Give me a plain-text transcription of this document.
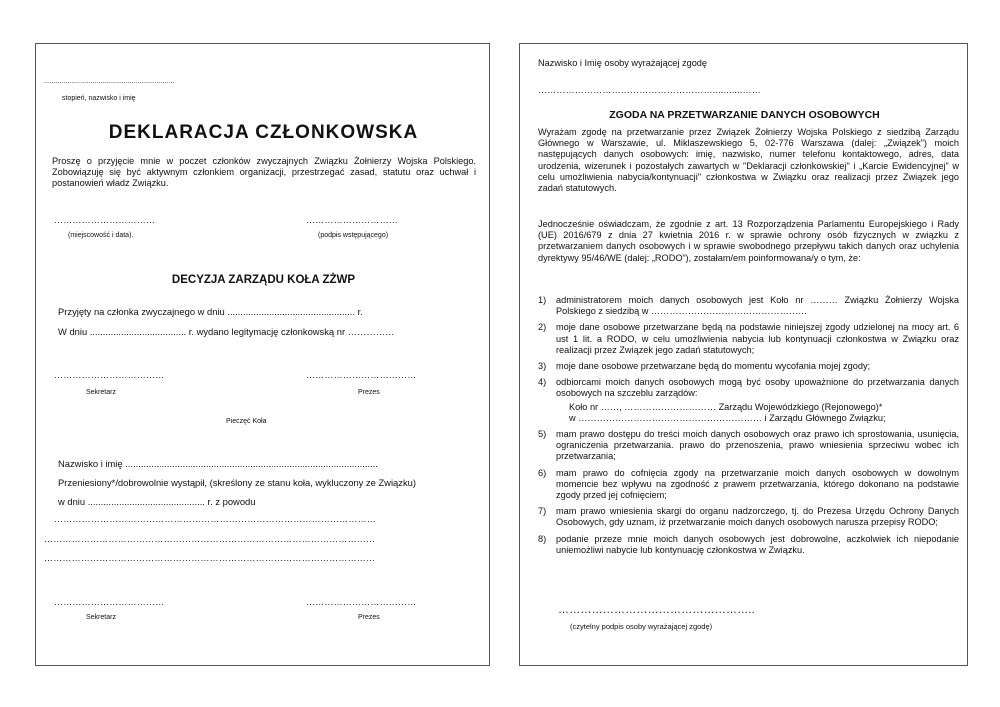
...................................................................
stopień, nazwisko i imię
DEKLARACJA CZŁONKOWSKA
Proszę o przyjęcie mnie w poczet członków zwyczajnych Związku Żołnierzy Wojska Polskiego. Zobowiązuję się być aktywnym członkiem organizacji, przestrzegać zasad, statutu oraz uchwał i postanowień władz Związku.
……………………………
(miejscowość i data).
…………………………
(podpis wstępującego)
DECYZJA ZARZĄDU KOŁA ZŻWP
Przyjęty na członka zwyczajnego w dniu ................................................. r.
W dniu ..................................... r. wydano legitymację członkowską nr ……………
………………………………	………………………………
Sekretarz	Prezes
Pieczęć Koła
Nazwisko i imię .................................................................................................
Przeniesiony*/dobrowolnie wystąpił, (skreślony ze stanu koła, wykluczony ze Związku)
w dniu ............................................. r. z powodu
……………………………………………………………………………………………
………………………………………………………………………………………………
………………………………………………………………………………………………
………………………………	………………………………
Sekretarz	Prezes
Nazwisko i Imię osoby wyrażającej zgodę
…………………………………………………...........……
ZGODA NA PRZETWARZANIE DANYCH OSOBOWYCH
Wyrażam zgodę na przetwarzanie przez Związek Żołnierzy Wojska Polskiego z siedzibą Zarządu Głównego w Warszawie, ul. Miklaszewskiego 5, 02-776 Warszawa (dalej: „Związek”) moich następujących danych osobowych: imię, nazwisko, numer telefonu kontaktowego, adres, data urodzenia, wizerunek i pozostałych zawartych w "Deklaracji członkowskiej" i „Karcie Ewidencyjnej” w celu umożliwienia nabycia/kontynuacji" członkostwa w Związku oraz realizacji przez Związek jego zadań statutowych.
Jednocześnie oświadczam, że zgodnie z art. 13 Rozporządzenia Parlamentu Europejskiego i Rady (UE) 2016/679 z dnia 27 kwietnia 2016 r. w sprawie ochrony osób fizycznych w związku z przetwarzaniem danych osobowych i w sprawie swobodnego przepływu takich danych oraz uchylenia dyrektywy 95/46/WE (dalej: „RODO”), zostałam/em poinformowana/y o tym, że:
1) administratorem moich danych osobowych jest Koło nr ……… Związku Żołnierzy Wojska Polskiego z siedzibą w ……………………………………………
2) moje dane osobowe przetwarzane będą na podstawie niniejszej zgody udzielonej na mocy art. 6 ust 1 lit. a RODO, w celu umożliwienia nabycia lub kontynuacji członkostwa w Związku oraz realizacji przez Związek jego zadań statutowych;
3) moje dane osobowe przetwarzane będą do momentu wycofania mojej zgody;
4) odbiorcami moich danych osobowych mogą być osoby upoważnione do przetwarzania danych osobowych na szczeblu zarządów:
Koło nr ……, ………………………… Zarządu Wojewódzkiego (Rejonowego)*
w …………………………………………………… i Zarządu Głównego Związku;
5) mam prawo dostępu do treści moich danych osobowych oraz prawo ich sprostowania, usunięcia, ograniczenia przetwarzania. prawo do przenoszenia, prawo wniesienia sprzeciwu wobec ich przetwarzania;
6) mam prawo do cofnięcia zgody na przetwarzanie moich danych osobowych w dowolnym momencie bez wpływu na zgodność z prawem przetwarzania, którego dokonano na podstawie zgody przed jej cofnięciem;
7) mam prawo wniesienia skargi do organu nadzorczego, tj. do Prezesa Urzędu Ochrony Danych Osobowych, gdy uznam, iż przetwarzanie moich danych osobowych narusza przepisy RODO;
8) podanie przeze mnie moich danych osobowych jest dobrowolne, aczkolwiek ich niepodanie uniemożliwi nabycie lub kontynuację członkostwa w Związku.
……………………………………………..
(czytelny podpis osoby wyrażającej zgodę)
